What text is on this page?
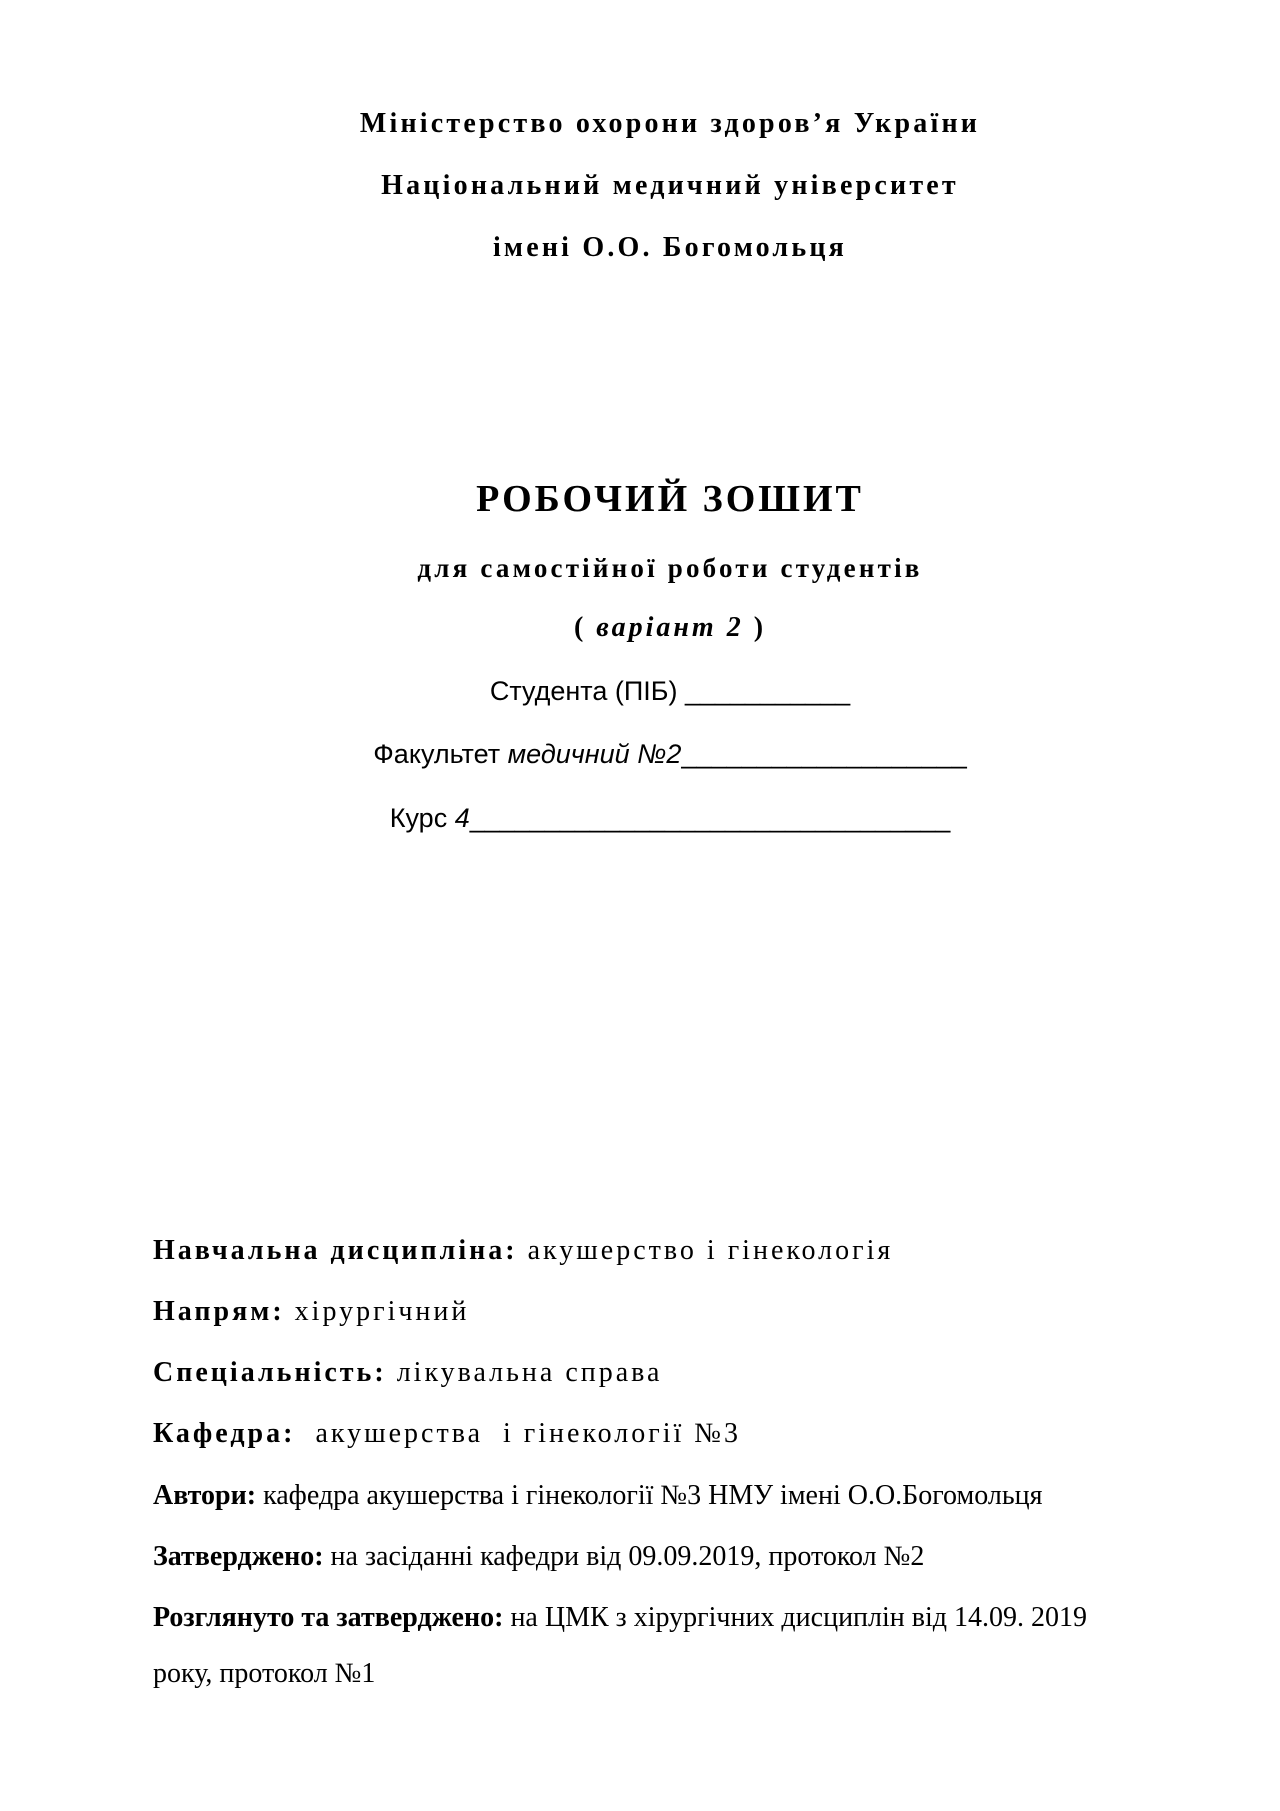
Міністерство охорони здоров’я України
Національний медичний університет
імені О.О. Богомольця
РОБОЧИЙ ЗОШИТ
для самостійної роботи студентів
( варіант 2 )
Студента (ПІБ) ___________
Факультет медичний №2___________________
Курс 4________________________________
Навчальна дисципліна: акушерство і гінекологія
Напрям: хірургічний
Спеціальність: лікувальна справа
Кафедра:  акушерства  і гінекології №3
Автори: кафедра акушерства і гінекології №3 НМУ імені О.О.Богомольця
Затверджено: на засіданні кафедри від 09.09.2019, протокол №2
Розглянуто та затверджено: на ЦМК з хірургічних дисциплін від 14.09. 2019
року, протокол №1
